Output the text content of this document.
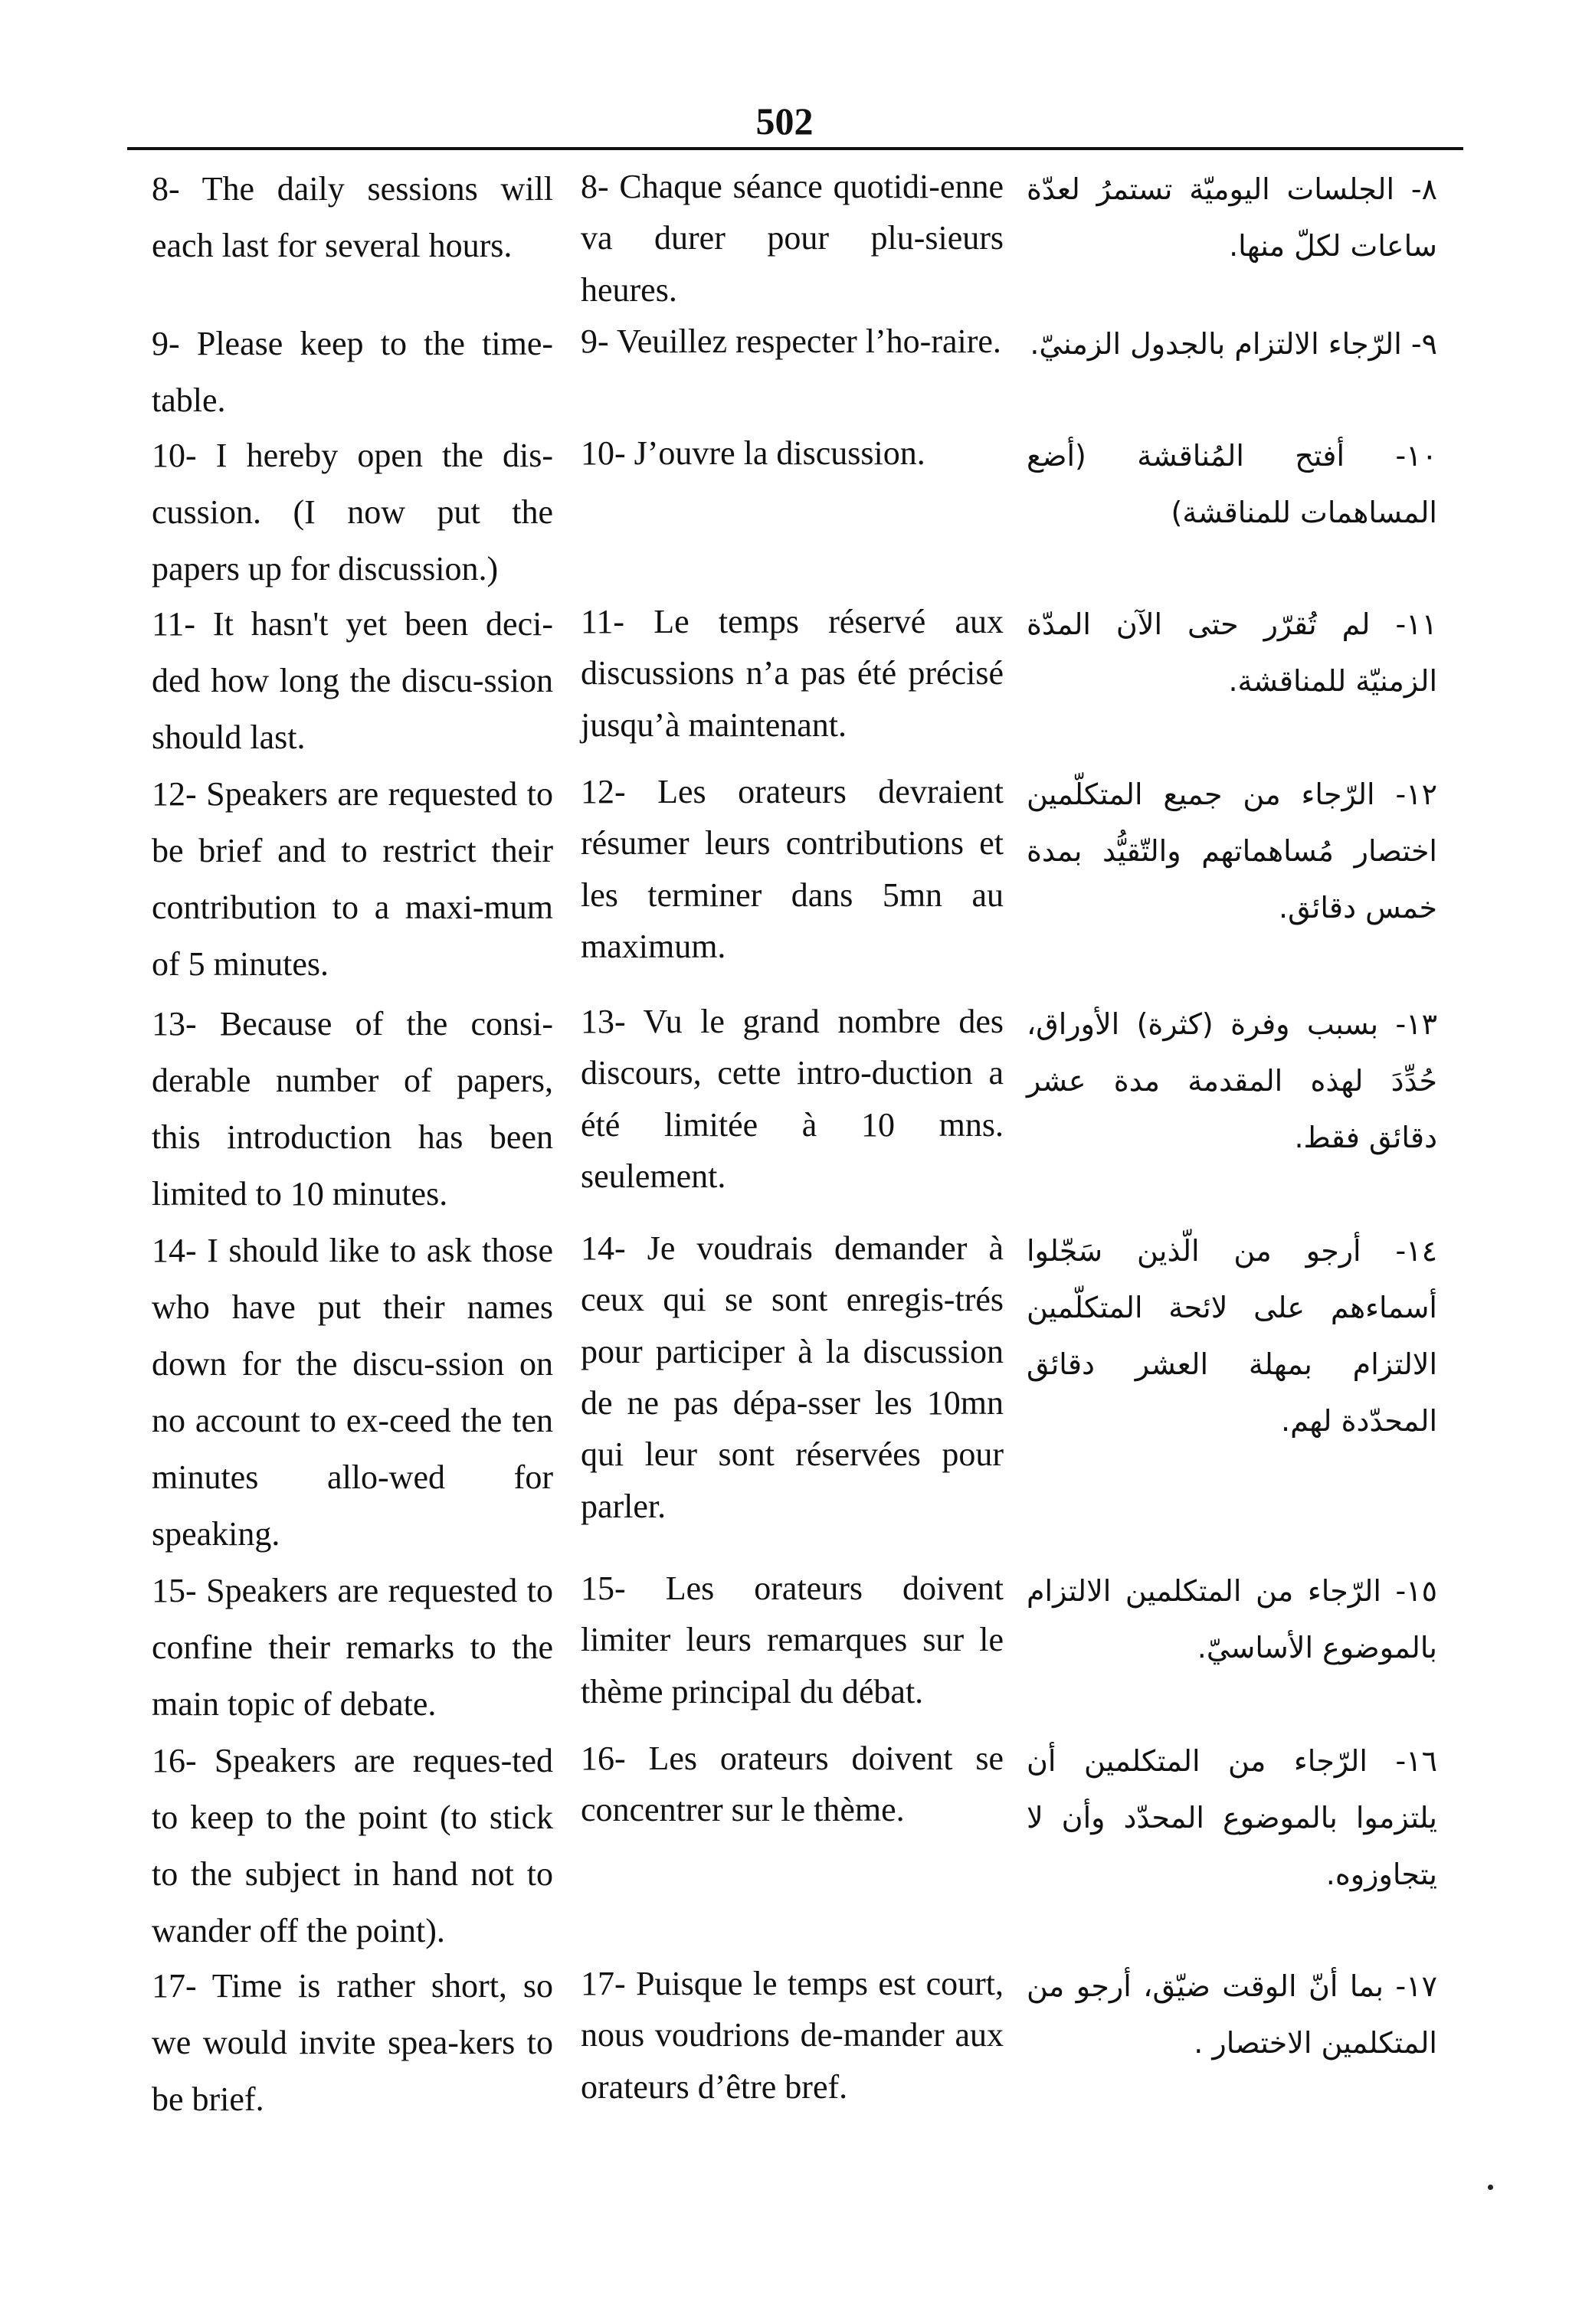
502
8- The daily sessions will each last for several hours.
8- Chaque séance quotidi-enne va durer pour plu-sieurs heures.
٨- الجلسات اليوميّة تستمرُ لعدّة ساعات لكلّ منها.
9- Please keep to the time-table.
9- Veuillez respecter l’ho-raire. ٩- الرّجاء الالتزام بالجدول الزمنيّ.
10- I hereby open the dis-cussion. (I now put the papers up for discussion.)
10- J’ouvre la discussion.	١٠- أفتح المُناقشة (أضع المساهمات للمناقشة)
11- It hasn't yet been deci-ded how long the discu-ssion should last.
11- Le temps réservé aux discussions n’a pas été précisé jusqu’à maintenant.
١١- لم تُقرّر حتى الآن المدّة الزمنيّة للمناقشة.
12- Speakers are requested to be brief and to restrict their contribution to a maxi-mum of 5 minutes.
12- Les orateurs devraient résumer leurs contributions et les terminer dans 5mn au maximum.
١٢- الرّجاء من جميع المتكلّمين اختصار مُساهماتهم والتّقيُّد بمدة خمس دقائق.
13- Because of the consi-derable number of papers, this introduction has been limited to 10 minutes.
13- Vu le grand nombre des discours, cette intro-duction a été limitée à 10 mns. seulement.
١٣- بسبب وفرة (كثرة) الأوراق، حُدِّدَ لهذه المقدمة مدة عشر دقائق فقط.
14- I should like to ask those who have put their names down for the discu-ssion on no account to ex-ceed the ten minutes allo-wed for speaking.
14- Je voudrais demander à ceux qui se sont enregis-trés pour participer à la discussion de ne pas dépa-sser les 10mn qui leur sont réservées pour parler.
١٤- أرجو من الّذين سَجّلوا أسماءهم على لائحة المتكلّمين الالتزام بمهلة العشر دقائق المحدّدة لهم.
15- Speakers are requested to confine their remarks to the main topic of debate.
15- Les orateurs doivent limiter leurs remarques sur le thème principal du débat.
١٥- الرّجاء من المتكلمين الالتزام بالموضوع الأساسيّ.
16- Speakers are reques-ted to keep to the point (to stick to the subject in hand not to wander off the point).
16- Les orateurs doivent se concentrer sur le thème.
١٦- الرّجاء من المتكلمين أن يلتزموا بالموضوع المحدّد وأن لا يتجاوزوه.
17- Time is rather short, so we would invite spea-kers to be brief.
17- Puisque le temps est court, nous voudrions de-mander aux orateurs d’être bref.
١٧- بما أنّ الوقت ضيّق، أرجو من المتكلمين الاختصار .
